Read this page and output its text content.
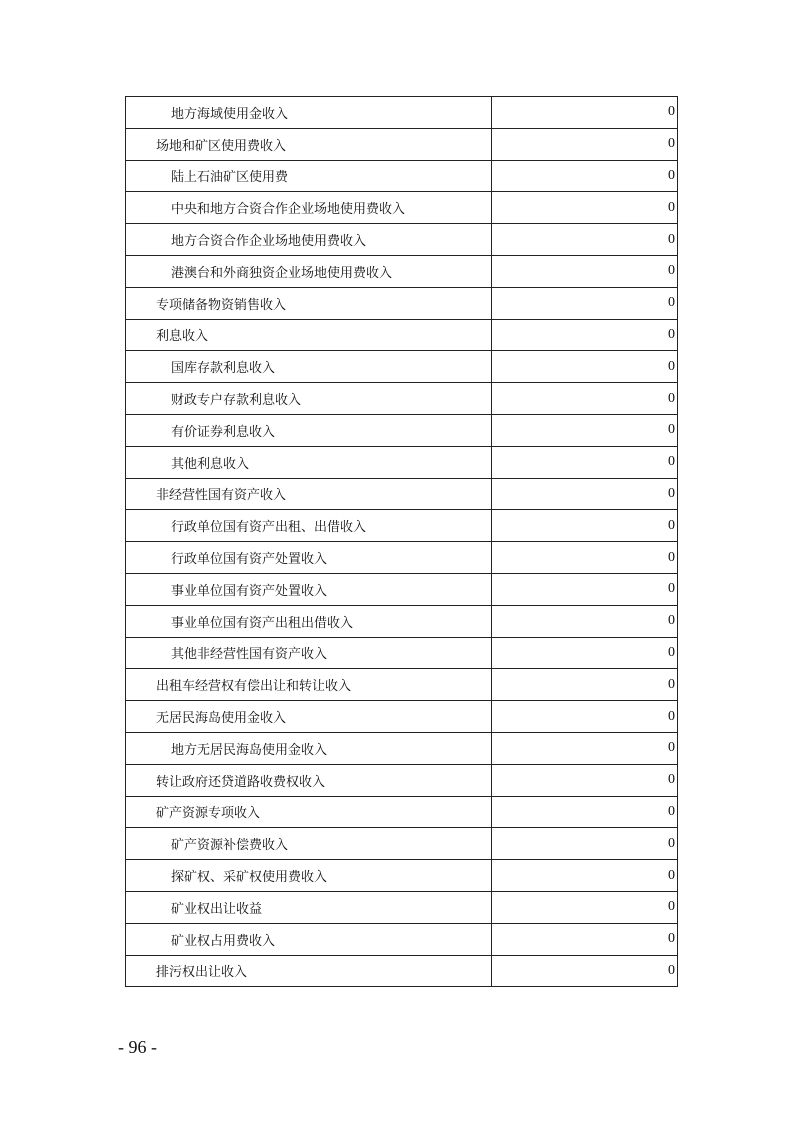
地方海域使用金收入	0
场地和矿区使用费收入	0
陆上石油矿区使用费	0
中央和地方合资合作企业场地使用费收入	0
地方合资合作企业场地使用费收入	0
港澳台和外商独资企业场地使用费收入	0
专项储备物资销售收入	0
利息收入	0
国库存款利息收入	0
财政专户存款利息收入	0
有价证券利息收入	0
其他利息收入	0
非经营性国有资产收入	0
行政单位国有资产出租、出借收入	0
行政单位国有资产处置收入	0
事业单位国有资产处置收入	0
事业单位国有资产出租出借收入	0
其他非经营性国有资产收入	0
出租车经营权有偿出让和转让收入	0
无居民海岛使用金收入	0
地方无居民海岛使用金收入	0
转让政府还贷道路收费权收入	0
矿产资源专项收入	0
矿产资源补偿费收入	0
探矿权、采矿权使用费收入	0
矿业权出让收益	0
矿业权占用费收入	0
排污权出让收入	0
- 96 -
